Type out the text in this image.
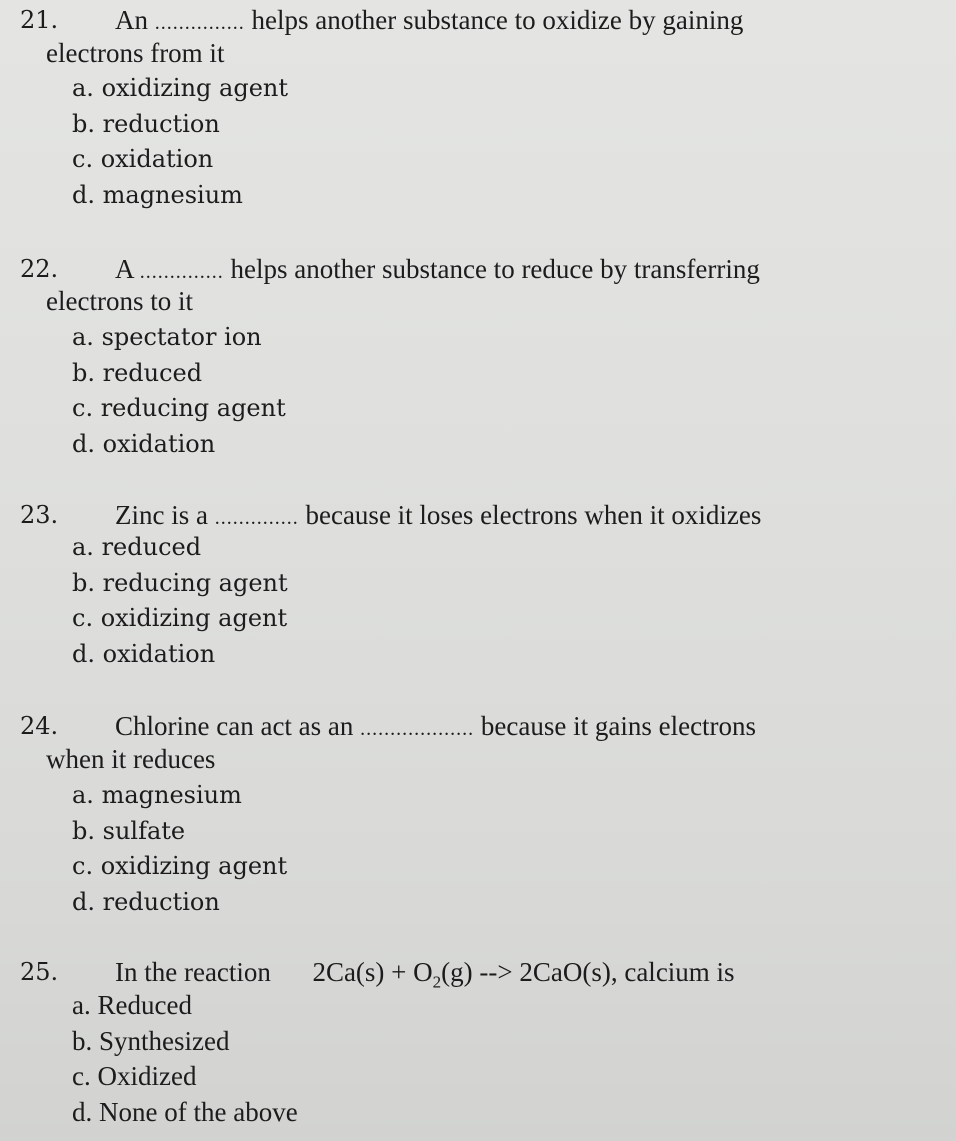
21. An ............... helps another substance to oxidize by gaining
electrons from it
a. oxidizing agent
b. reduction
c. oxidation
d. magnesium
22. A .............. helps another substance to reduce by transferring
electrons to it
a. spectator ion
b. reduced
c. reducing agent
d. oxidation
23. Zinc is a .............. because it loses electrons when it oxidizes
a. reduced
b. reducing agent
c. oxidizing agent
d. oxidation
24. Chlorine can act as an ................... because it gains electrons
when it reduces
a. magnesium
b. sulfate
c. oxidizing agent
d. reduction
25. In the reaction $2Ca(s) + O_2(g)$ --> 2CaO(s), calcium is
a. Reduced
b. Synthesized
c. Oxidized
d. None of the above
